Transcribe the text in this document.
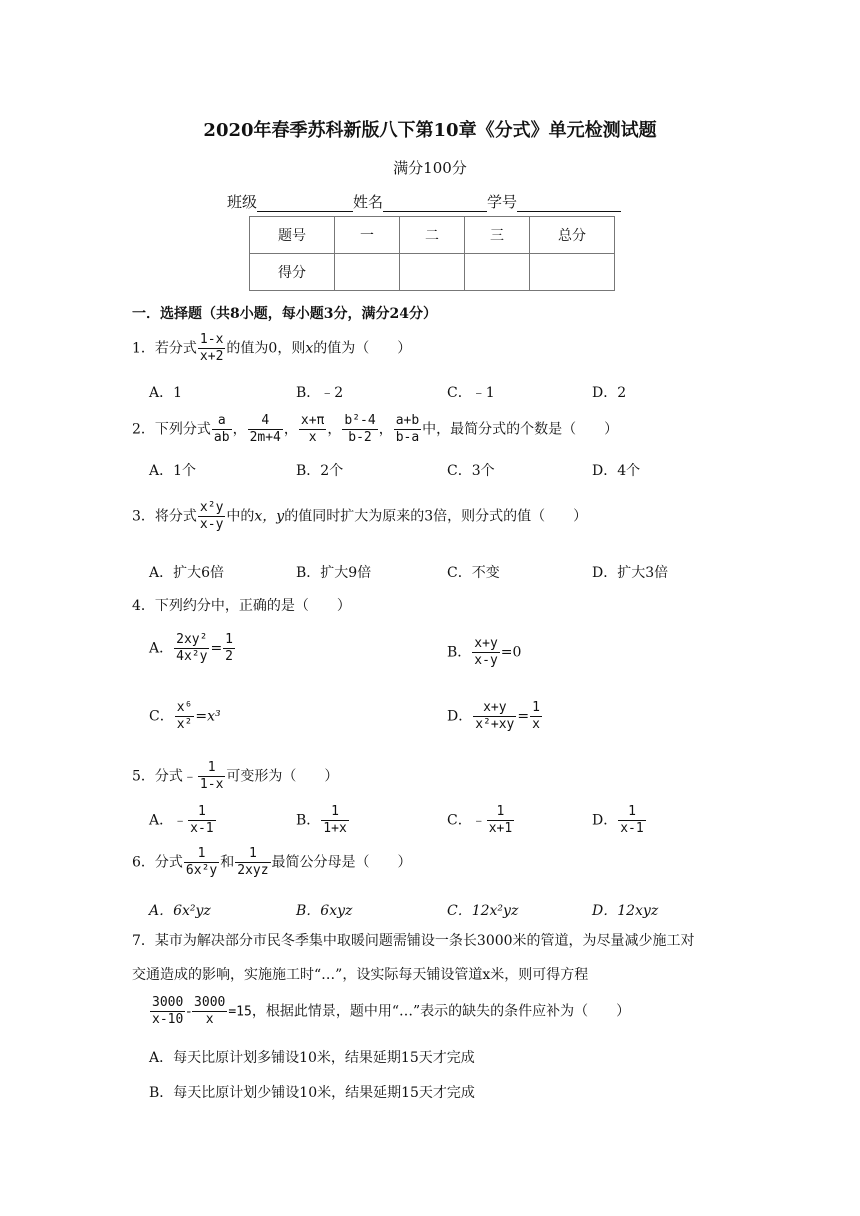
2020年春季苏科新版八下第10章《分式》单元检测试题
满分100分
班级	姓名	学号
题号	一	二	三	总分
得分				
一．选择题（共8小题，每小题3分，满分24分）
1．若分式 $\frac{1-x}{x+2}$ 的值为0，则x的值为（　　）
A．1	B．﹣2	C．﹣1	D．2
2．下列分式 $\frac{a}{ab}$ ， $\frac{4}{2m+4}$ ， $\frac{x+\pi}{x}$ ， $\frac{\text{b²-4}}{b-2}$ ， $\frac{a+b}{b-a}$ 中，最简分式的个数是（　　）
A．1个	B．2个	C．3个	D．4个
3．将分式 $\frac{\text{x²y}}{x-y}$ 中的x，y的值同时扩大为原来的3倍，则分式的值（　　）
A．扩大6倍	B．扩大9倍	C．不变	D．扩大3倍
4．下列约分中，正确的是（　　）
A． $\frac{\text{2xy²}}{\text{4x²y}} = \frac{1}{2}$	B． $\frac{x+y}{x-y} =0$
C． $\frac{\text{x⁶}}{\text{x²}} =x^3$	D． $\frac{x+y}{\text{x²+xy}} = \frac{1}{x}$
5．分式﹣ $\frac{1}{1-x}$ 可变形为（　　）
A．﹣ $\frac{1}{x-1}$	B． $\frac{1}{1+x}$	C．﹣ $\frac{1}{x+1}$	D． $\frac{1}{x-1}$
6．分式 $\frac{1}{\text{6x²y}}$ 和 $\frac{1}{\text{2xyz}}$ 最简公分母是（　　）
A．6x²yz	B．6xyz	C．12x²yz	D．12xyz
7．某市为解决部分市民冬季集中取暖问题需铺设一条长3000米的管道，为尽量减少施工对
交通造成的影响，实施施工时“…”，设实际每天铺设管道x米，则可得方程
$\frac{3000}{x-10} - \frac{3000}{x} =15$，根据此情景，题中用“…”表示的缺失的条件应补为（　　）
A．每天比原计划多铺设10米，结果延期15天才完成
B．每天比原计划少铺设10米，结果延期15天才完成
